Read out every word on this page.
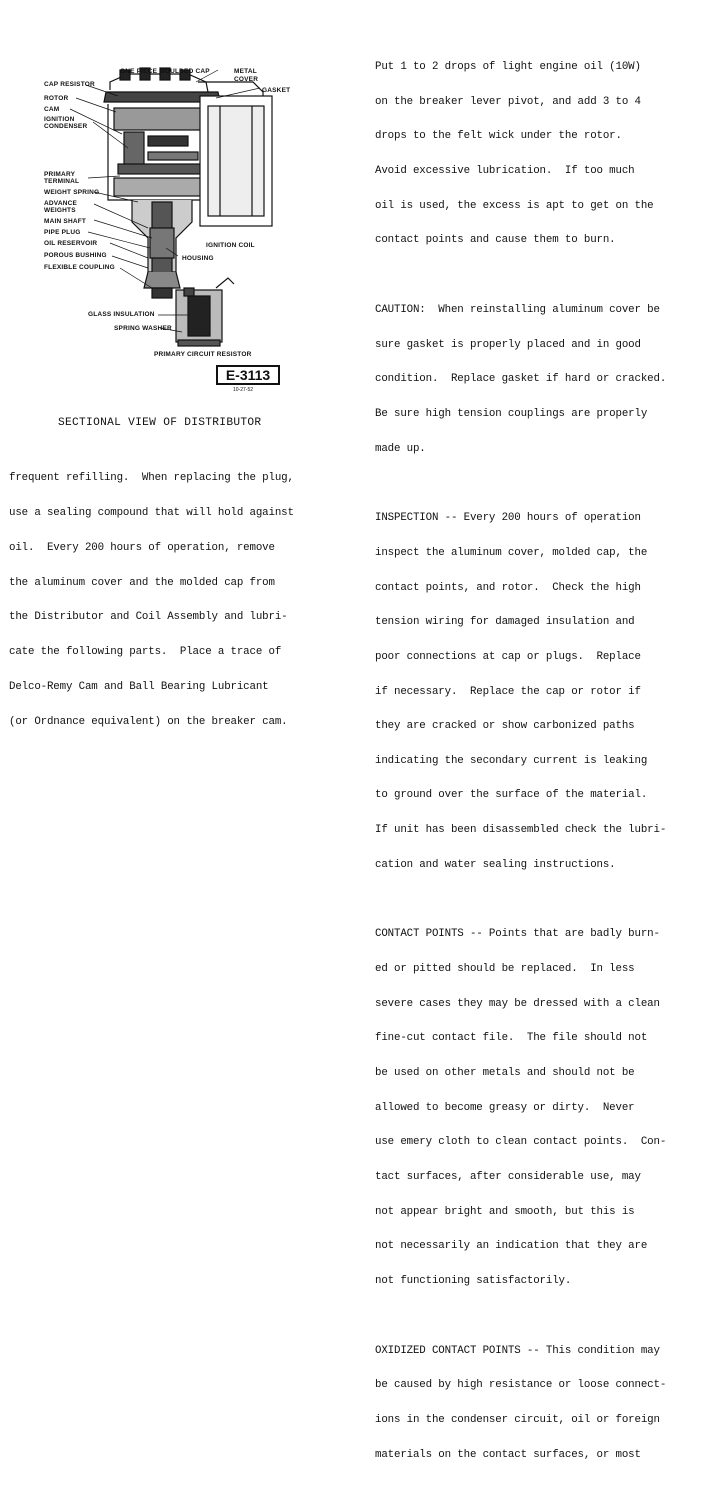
ONE PIECE MOULDED CAP	METAL
COVER
CAP RESISTOR
GASKET
ROTOR
CAM
IGNITION
CONDENSER
PRIMARY
TERMINAL
WEIGHT SPRING
ADVANCE
WEIGHTS
MAIN SHAFT
PIPE PLUG
OIL RESERVOIR
POROUS BUSHING
FLEXIBLE COUPLING
IGNITION COIL
HOUSING
GLASS INSULATION
SPRING WASHER
PRIMARY CIRCUIT RESISTOR
E-3113
10-27-52
SECTIONAL VIEW OF DISTRIBUTOR

frequent refilling.  When replacing the plug,

use a sealing compound that will hold against

oil.  Every 200 hours of operation, remove

the aluminum cover and the molded cap from

the Distributor and Coil Assembly and lubri-

cate the following parts.  Place a trace of

Delco-Remy Cam and Ball Bearing Lubricant

(or Ordnance equivalent) on the breaker cam.

Put 1 to 2 drops of light engine oil (10W)

on the breaker lever pivot, and add 3 to 4

drops to the felt wick under the rotor.

Avoid excessive lubrication.  If too much

oil is used, the excess is apt to get on the

contact points and cause them to burn.

CAUTION:  When reinstalling aluminum cover be

sure gasket is properly placed and in good

condition.  Replace gasket if hard or cracked.

Be sure high tension couplings are properly

made up.

INSPECTION -- Every 200 hours of operation

inspect the aluminum cover, molded cap, the

contact points, and rotor.  Check the high

tension wiring for damaged insulation and

poor connections at cap or plugs.  Replace

if necessary.  Replace the cap or rotor if

they are cracked or show carbonized paths

indicating the secondary current is leaking

to ground over the surface of the material.

If unit has been disassembled check the lubri-

cation and water sealing instructions.

CONTACT POINTS -- Points that are badly burn-

ed or pitted should be replaced.  In less

severe cases they may be dressed with a clean

fine-cut contact file.  The file should not

be used on other metals and should not be

allowed to become greasy or dirty.  Never

use emery cloth to clean contact points.  Con-

tact surfaces, after considerable use, may

not appear bright and smooth, but this is

not necessarily an indication that they are

not functioning satisfactorily.

OXIDIZED CONTACT POINTS -- This condition may

be caused by high resistance or loose connect-

ions in the condenser circuit, oil or foreign

materials on the contact surfaces, or most
